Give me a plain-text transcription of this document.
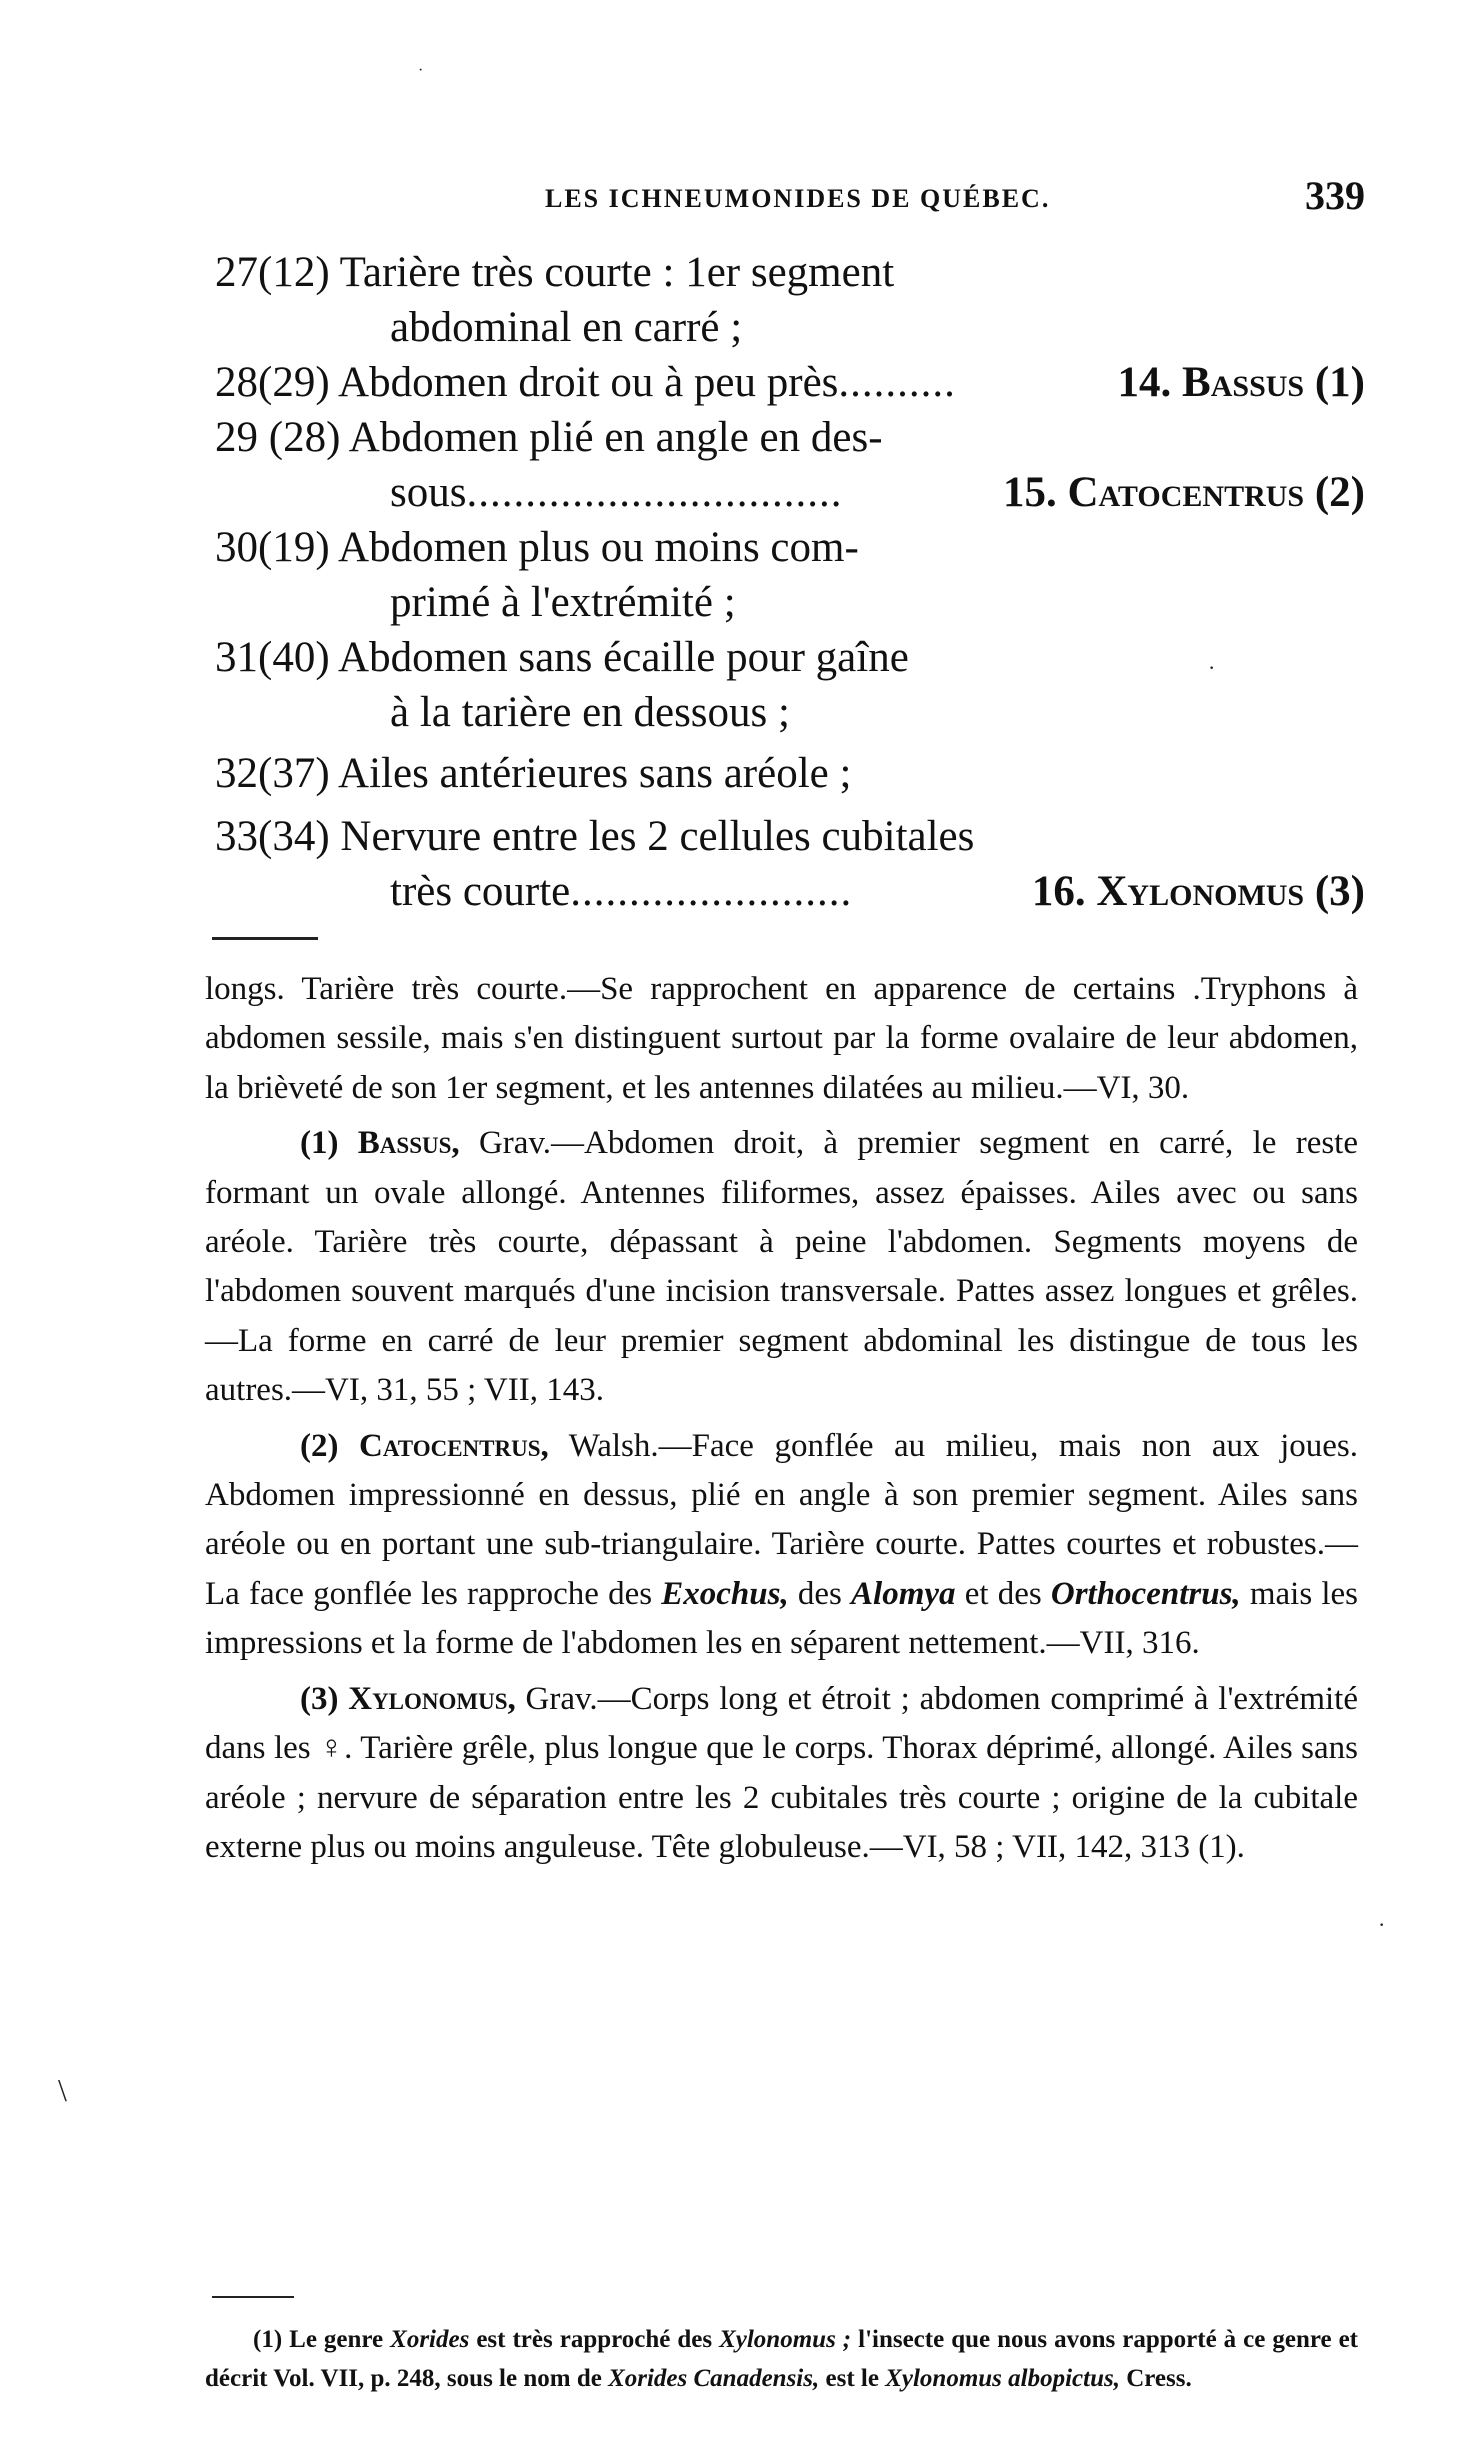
LES ICHNEUMONIDES DE QUÉBEC.	339
27(12) Tarière très courte : 1er segment
abdominal en carré ;
28(29) Abdomen droit ou à peu près..........	14. Bassus (1)
29 (28) Abdomen plié en angle en des-
sous................................	15. Catocentrus (2)
30(19) Abdomen plus ou moins com-
primé à l'extrémité ;
31(40) Abdomen sans écaille pour gaîne
à la tarière en dessous ;
32(37) Ailes antérieures sans aréole ;
33(34) Nervure entre les 2 cellules cubitales
très courte........................	16. Xylonomus (3)

longs. Tarière très courte.—Se rapprochent en apparence de certains .Tryphons à abdomen sessile, mais s'en distinguent surtout par la forme ovalaire de leur abdomen, la brièveté de son 1er segment, et les antennes dilatées au milieu.—VI, 30.

(1) Bassus, Grav.—Abdomen droit, à premier segment en carré, le reste formant un ovale allongé. Antennes filiformes, assez épaisses. Ailes avec ou sans aréole. Tarière très courte, dépassant à peine l'abdomen. Segments moyens de l'abdomen souvent marqués d'une incision transversale. Pattes assez longues et grêles.—La forme en carré de leur premier segment abdominal les distingue de tous les autres.—VI, 31, 55 ; VII, 143.

(2) Catocentrus, Walsh.—Face gonflée au milieu, mais non aux joues. Abdomen impressionné en dessus, plié en angle à son premier segment. Ailes sans aréole ou en portant une sub-triangulaire. Tarière courte. Pattes courtes et robustes.—La face gonflée les rapproche des Exochus, des Alomya et des Orthocentrus, mais les impressions et la forme de l'abdomen les en séparent nettement.—VII, 316.

(3) Xylonomus, Grav.—Corps long et étroit ; abdomen comprimé à l'extrémité dans les ♀. Tarière grêle, plus longue que le corps. Thorax déprimé, allongé. Ailes sans aréole ; nervure de séparation entre les 2 cubitales très courte ; origine de la cubitale externe plus ou moins anguleuse. Tête globuleuse.—VI, 58 ; VII, 142, 313 (1).

(1) Le genre Xorides est très rapproché des Xylonomus ; l'insecte que nous avons rapporté à ce genre et décrit Vol. VII, p. 248, sous le nom de Xorides Canadensis, est le Xylonomus albopictus, Cress.

·
·
\
·
